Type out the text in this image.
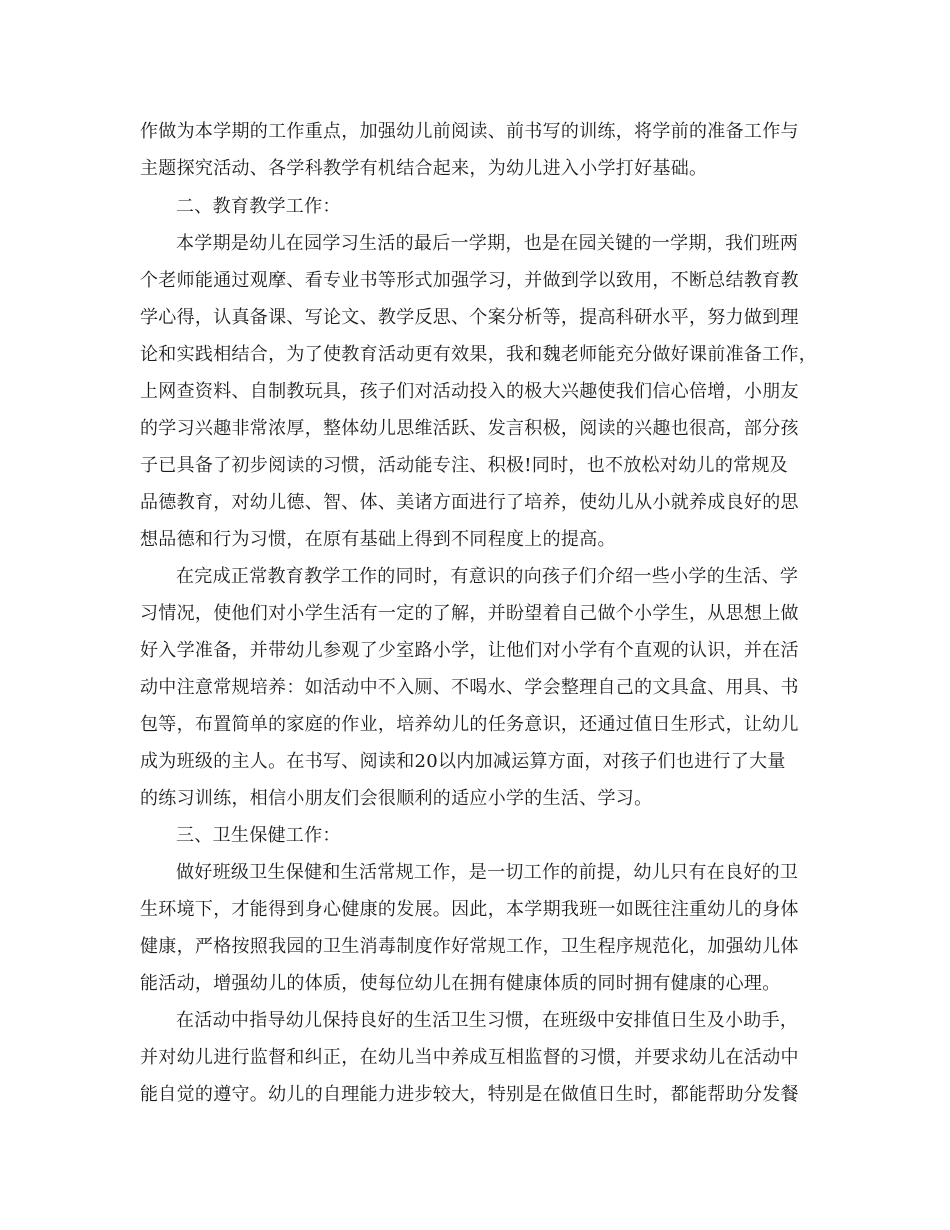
作做为本学期的工作重点，加强幼儿前阅读、前书写的训练，将学前的准备工作与
主题探究活动、各学科教学有机结合起来，为幼儿进入小学打好基础。
二、教育教学工作：
本学期是幼儿在园学习生活的最后一学期，也是在园关键的一学期，我们班两
个老师能通过观摩、看专业书等形式加强学习，并做到学以致用，不断总结教育教
学心得，认真备课、写论文、教学反思、个案分析等，提高科研水平，努力做到理
论和实践相结合，为了使教育活动更有效果，我和魏老师能充分做好课前准备工作，
上网查资料、自制教玩具，孩子们对活动投入的极大兴趣使我们信心倍增，小朋友
的学习兴趣非常浓厚，整体幼儿思维活跃、发言积极，阅读的兴趣也很高，部分孩
子已具备了初步阅读的习惯，活动能专注、积极!同时，也不放松对幼儿的常规及
品德教育，对幼儿德、智、体、美诸方面进行了培养，使幼儿从小就养成良好的思
想品德和行为习惯，在原有基础上得到不同程度上的提高。
在完成正常教育教学工作的同时，有意识的向孩子们介绍一些小学的生活、学
习情况，使他们对小学生活有一定的了解，并盼望着自己做个小学生，从思想上做
好入学准备，并带幼儿参观了少室路小学，让他们对小学有个直观的认识，并在活
动中注意常规培养：如活动中不入厕、不喝水、学会整理自己的文具盒、用具、书
包等，布置简单的家庭的作业，培养幼儿的任务意识，还通过值日生形式，让幼儿
成为班级的主人。在书写、阅读和20以内加减运算方面，对孩子们也进行了大量
的练习训练，相信小朋友们会很顺利的适应小学的生活、学习。
三、卫生保健工作：
做好班级卫生保健和生活常规工作，是一切工作的前提，幼儿只有在良好的卫
生环境下，才能得到身心健康的发展。因此，本学期我班一如既往注重幼儿的身体
健康，严格按照我园的卫生消毒制度作好常规工作，卫生程序规范化，加强幼儿体
能活动，增强幼儿的体质，使每位幼儿在拥有健康体质的同时拥有健康的心理。
在活动中指导幼儿保持良好的生活卫生习惯，在班级中安排值日生及小助手，
并对幼儿进行监督和纠正，在幼儿当中养成互相监督的习惯，并要求幼儿在活动中
能自觉的遵守。幼儿的自理能力进步较大，特别是在做值日生时，都能帮助分发餐
